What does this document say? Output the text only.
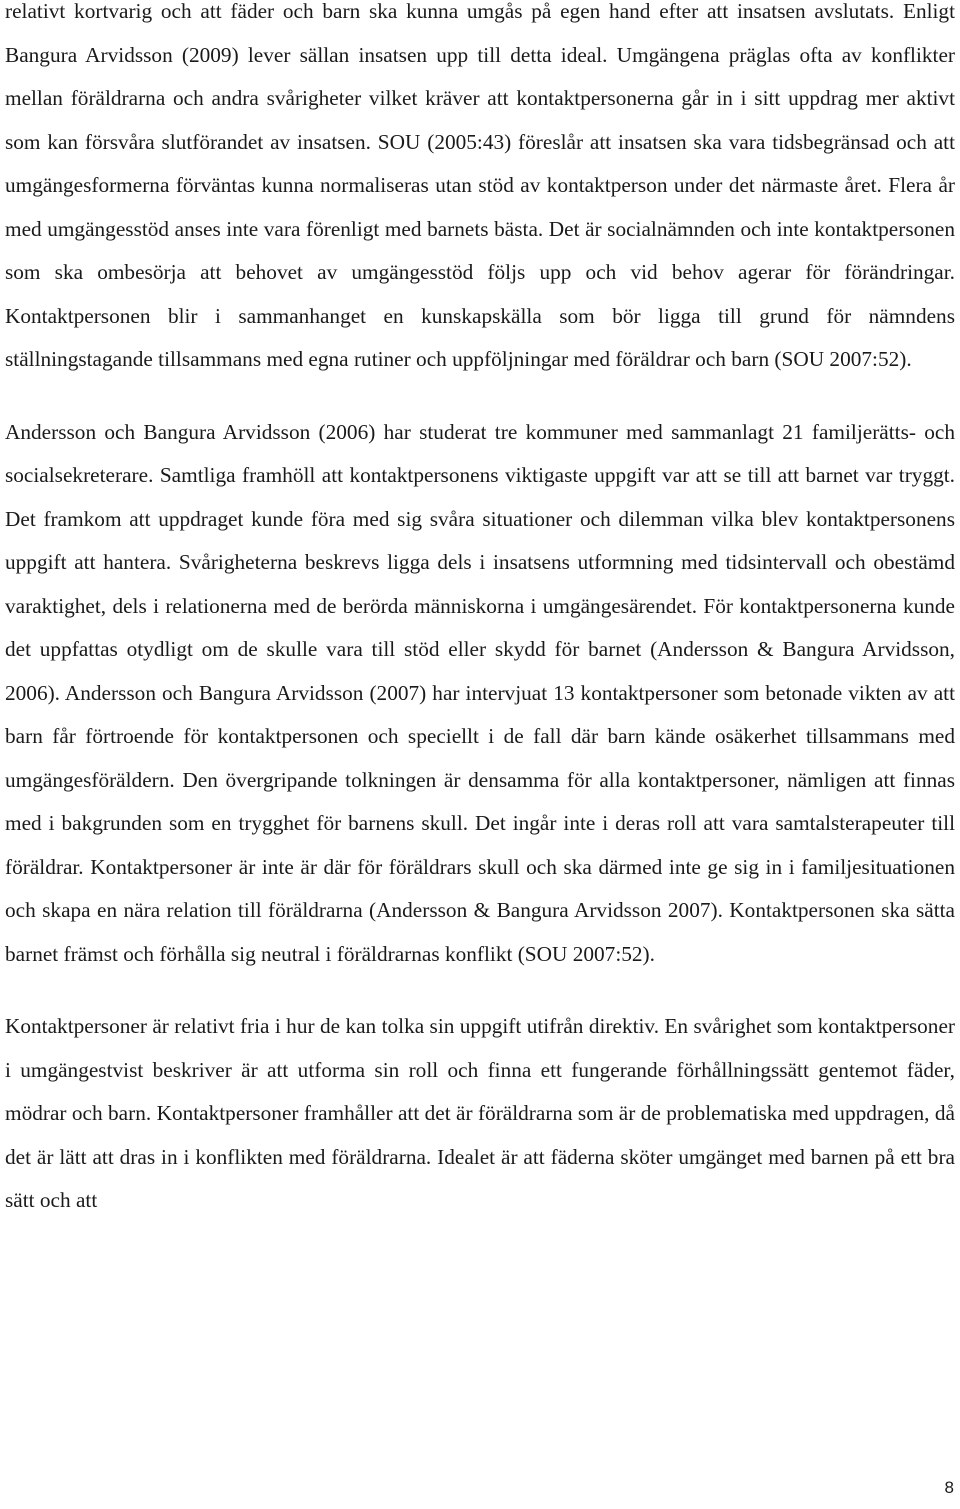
relativt kortvarig och att fäder och barn ska kunna umgås på egen hand efter att insatsen avslutats. Enligt Bangura Arvidsson (2009) lever sällan insatsen upp till detta ideal. Umgängena präglas ofta av konflikter mellan föräldrarna och andra svårigheter vilket kräver att kontaktpersonerna går in i sitt uppdrag mer aktivt som kan försvåra slutförandet av insatsen. SOU (2005:43) föreslår att insatsen ska vara tidsbegränsad och att umgängesformerna förväntas kunna normaliseras utan stöd av kontaktperson under det närmaste året. Flera år med umgängesstöd anses inte vara förenligt med barnets bästa. Det är socialnämnden och inte kontaktpersonen som ska ombesörja att behovet av umgängesstöd följs upp och vid behov agerar för förändringar. Kontaktpersonen blir i sammanhanget en kunskapskälla som bör ligga till grund för nämndens ställningstagande tillsammans med egna rutiner och uppföljningar med föräldrar och barn (SOU 2007:52).

Andersson och Bangura Arvidsson (2006) har studerat tre kommuner med sammanlagt 21 familjerätts- och socialsekreterare. Samtliga framhöll att kontaktpersonens viktigaste uppgift var att se till att barnet var tryggt. Det framkom att uppdraget kunde föra med sig svåra situationer och dilemman vilka blev kontaktpersonens uppgift att hantera. Svårigheterna beskrevs ligga dels i insatsens utformning med tidsintervall och obestämd varaktighet, dels i relationerna med de berörda människorna i umgängesärendet. För kontaktpersonerna kunde det uppfattas otydligt om de skulle vara till stöd eller skydd för barnet (Andersson & Bangura Arvidsson, 2006). Andersson och Bangura Arvidsson (2007) har intervjuat 13 kontaktpersoner som betonade vikten av att barn får förtroende för kontaktpersonen och speciellt i de fall där barn kände osäkerhet tillsammans med umgängesföräldern. Den övergripande tolkningen är densamma för alla kontaktpersoner, nämligen att finnas med i bakgrunden som en trygghet för barnens skull. Det ingår inte i deras roll att vara samtalsterapeuter till föräldrar. Kontaktpersoner är inte är där för föräldrars skull och ska därmed inte ge sig in i familjesituationen och skapa en nära relation till föräldrarna (Andersson & Bangura Arvidsson 2007). Kontaktpersonen ska sätta barnet främst och förhålla sig neutral i föräldrarnas konflikt (SOU 2007:52).

Kontaktpersoner är relativt fria i hur de kan tolka sin uppgift utifrån direktiv. En svårighet som kontaktpersoner i umgängestvist beskriver är att utforma sin roll och finna ett fungerande förhållningssätt gentemot fäder, mödrar och barn. Kontaktpersoner framhåller att det är föräldrarna som är de problematiska med uppdragen, då det är lätt att dras in i konflikten med föräldrarna. Idealet är att fäderna sköter umgänget med barnen på ett bra sätt och att

8
